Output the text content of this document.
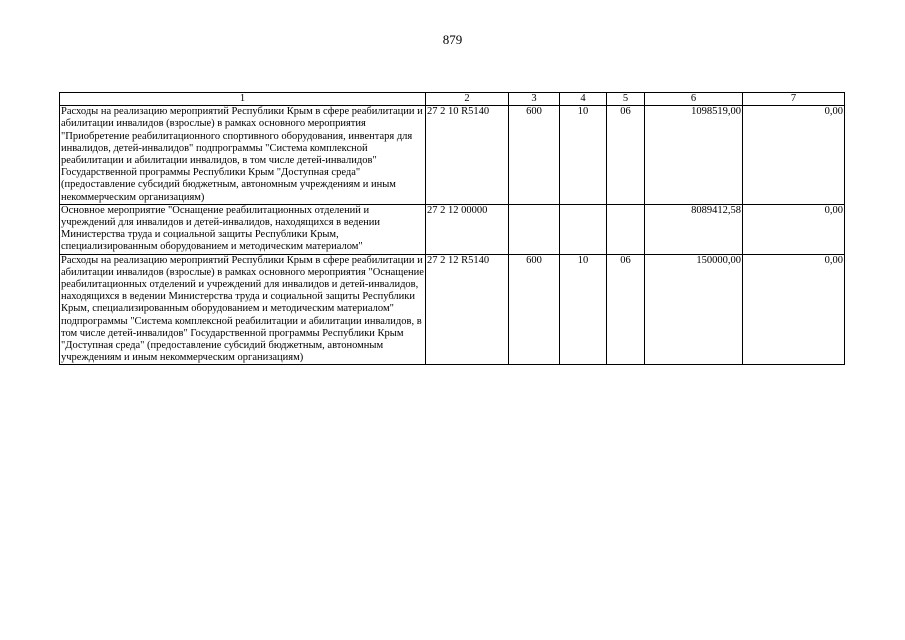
879
1	2	3	4	5	6	7
Расходы на реализацию мероприятий Республики Крым в сфере реабилитации и абилитации инвалидов (взрослые) в рамках основного мероприятия "Приобретение реабилитационного спортивного оборудования, инвентаря для инвалидов, детей-инвалидов" подпрограммы "Система комплексной реабилитации и абилитации инвалидов, в том числе детей-инвалидов" Государственной программы Республики Крым "Доступная среда" (предоставление субсидий бюджетным, автономным учреждениям и иным некоммерческим организациям)	27 2 10 R5140	600	10	06	1098519,00	0,00
Основное мероприятие "Оснащение реабилитационных отделений и учреждений для инвалидов и детей-инвалидов, находящихся в ведении Министерства труда и социальной защиты Республики Крым, специализированным оборудованием и методическим материалом"	27 2 12 00000				8089412,58	0,00
Расходы на реализацию мероприятий Республики Крым в сфере реабилитации и абилитации инвалидов (взрослые) в рамках основного мероприятия "Оснащение реабилитационных отделений и учреждений для инвалидов и детей-инвалидов, находящихся в ведении Министерства труда и социальной защиты Республики Крым, специализированным оборудованием и методическим материалом" подпрограммы "Система комплексной реабилитации и абилитации инвалидов, в том числе детей-инвалидов" Государственной программы Республики Крым "Доступная среда" (предоставление субсидий бюджетным, автономным учреждениям и иным некоммерческим организациям)	27 2 12 R5140	600	10	06	150000,00	0,00
